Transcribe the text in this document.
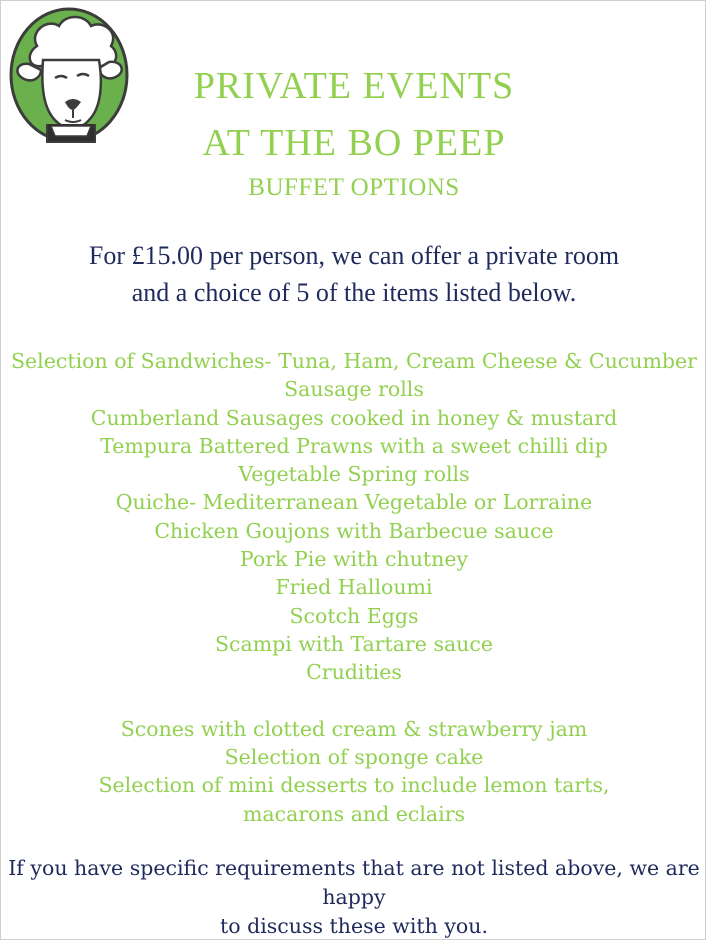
PRIVATE EVENTS
AT THE BO PEEP
BUFFET OPTIONS
For £15.00 per person, we can offer a private room
and a choice of 5 of the items listed below.
Selection of Sandwiches- Tuna, Ham, Cream Cheese & Cucumber
Sausage rolls
Cumberland Sausages cooked in honey & mustard
Tempura Battered Prawns with a sweet chilli dip
Vegetable Spring rolls
Quiche- Mediterranean Vegetable or Lorraine
Chicken Goujons with Barbecue sauce
Pork Pie with chutney
Fried Halloumi
Scotch Eggs
Scampi with Tartare sauce
Crudities
Scones with clotted cream & strawberry jam
Selection of sponge cake
Selection of mini desserts to include lemon tarts,
macarons and eclairs
If you have specific requirements that are not listed above, we are happy
to discuss these with you.
